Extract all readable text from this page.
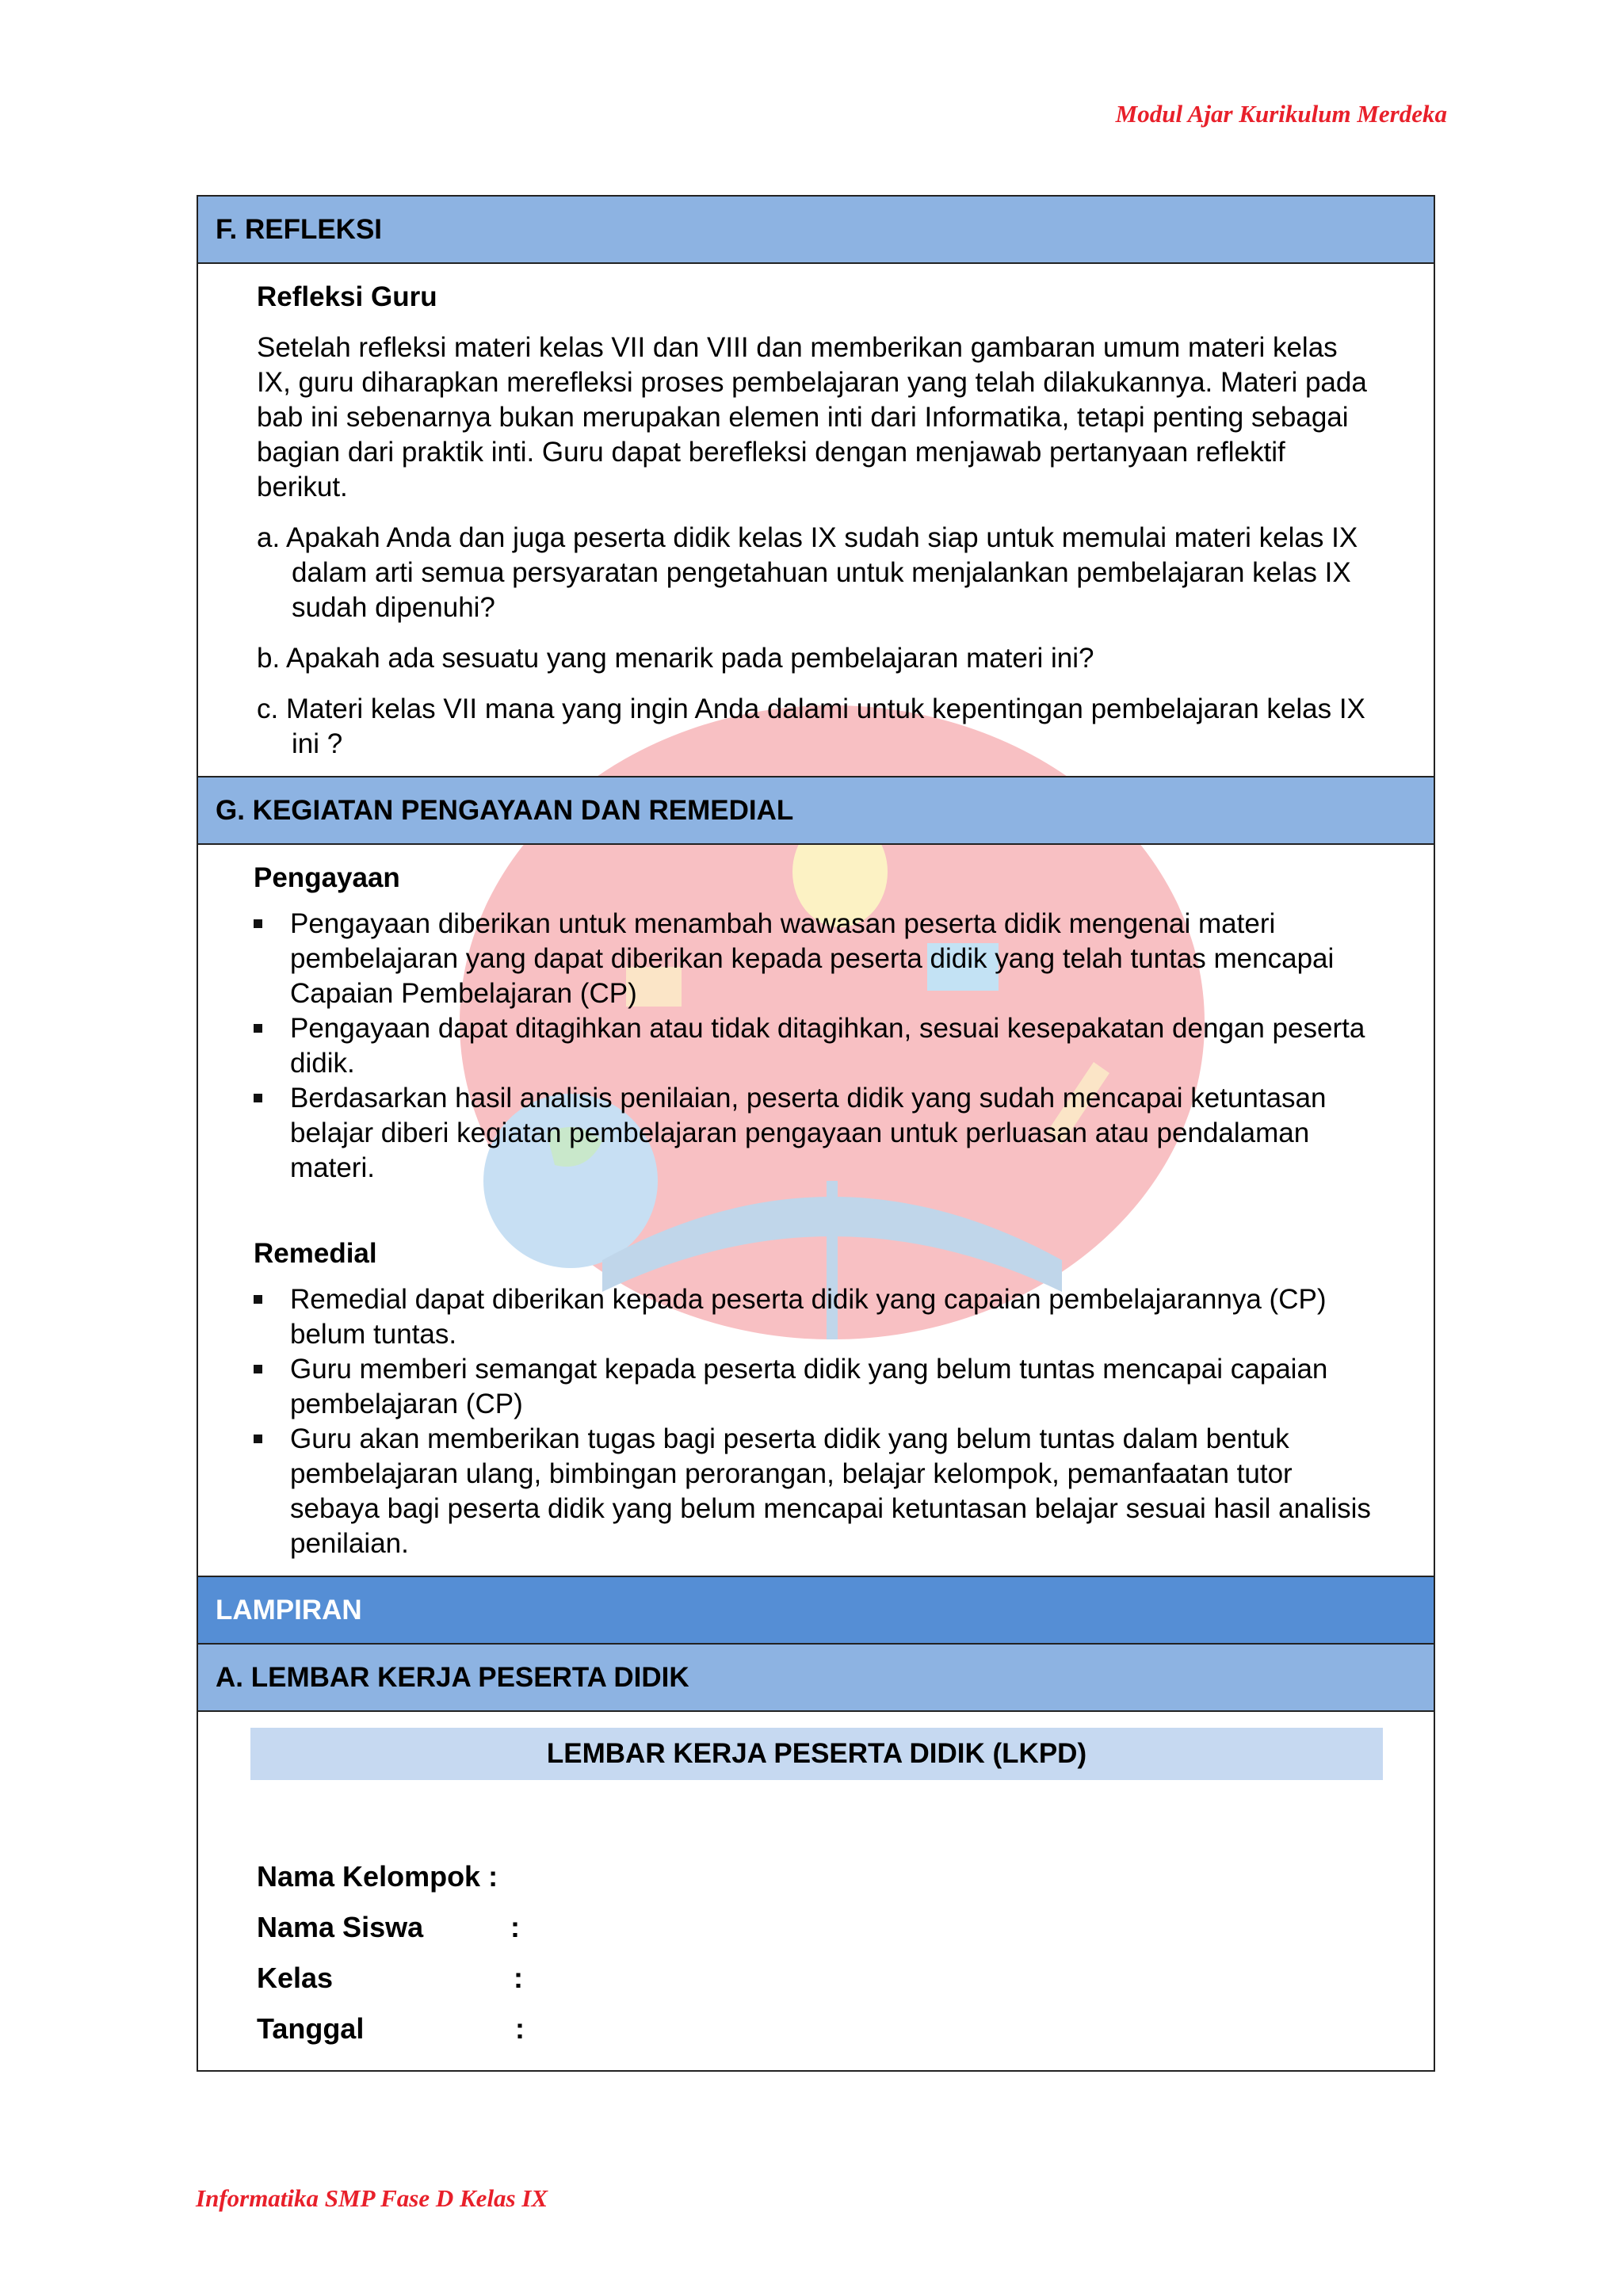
Modul Ajar Kurikulum Merdeka
F. REFLEKSI
Refleksi Guru

Setelah refleksi materi kelas VII dan VIII dan memberikan gambaran umum materi kelas IX, guru diharapkan merefleksi proses pembelajaran yang telah dilakukannya. Materi pada bab ini sebenarnya bukan merupakan elemen inti dari Informatika, tetapi penting sebagai bagian dari praktik inti. Guru dapat berefleksi dengan menjawab pertanyaan reflektif berikut.

a. Apakah Anda dan juga peserta didik kelas IX sudah siap untuk memulai materi kelas IX dalam arti semua persyaratan pengetahuan untuk menjalankan pembelajaran kelas IX sudah dipenuhi?
b. Apakah ada sesuatu yang menarik pada pembelajaran materi ini?
c. Materi kelas VII mana yang ingin Anda dalami untuk kepentingan pembelajaran kelas IX ini ?
G. KEGIATAN PENGAYAAN DAN REMEDIAL
Pengayaan
Pengayaan diberikan untuk menambah wawasan peserta didik mengenai materi pembelajaran yang dapat diberikan kepada peserta didik yang telah tuntas mencapai Capaian Pembelajaran (CP)
Pengayaan dapat ditagihkan atau tidak ditagihkan, sesuai kesepakatan dengan peserta didik.
Berdasarkan hasil analisis penilaian, peserta didik yang sudah mencapai ketuntasan belajar diberi kegiatan pembelajaran pengayaan untuk perluasan atau pendalaman materi.
Remedial
Remedial dapat diberikan kepada peserta didik yang capaian pembelajarannya (CP) belum tuntas.
Guru memberi semangat kepada peserta didik yang belum tuntas mencapai capaian pembelajaran (CP)
Guru akan memberikan tugas bagi peserta didik yang belum tuntas dalam bentuk pembelajaran ulang, bimbingan perorangan, belajar kelompok, pemanfaatan tutor sebaya bagi peserta didik yang belum mencapai ketuntasan belajar sesuai hasil analisis penilaian.
LAMPIRAN
A. LEMBAR KERJA PESERTA DIDIK
LEMBAR KERJA PESERTA DIDIK (LKPD)
Nama Kelompok :
Nama Siswa	:
Kelas	:
Tanggal	:
Informatika SMP Fase D Kelas IX
